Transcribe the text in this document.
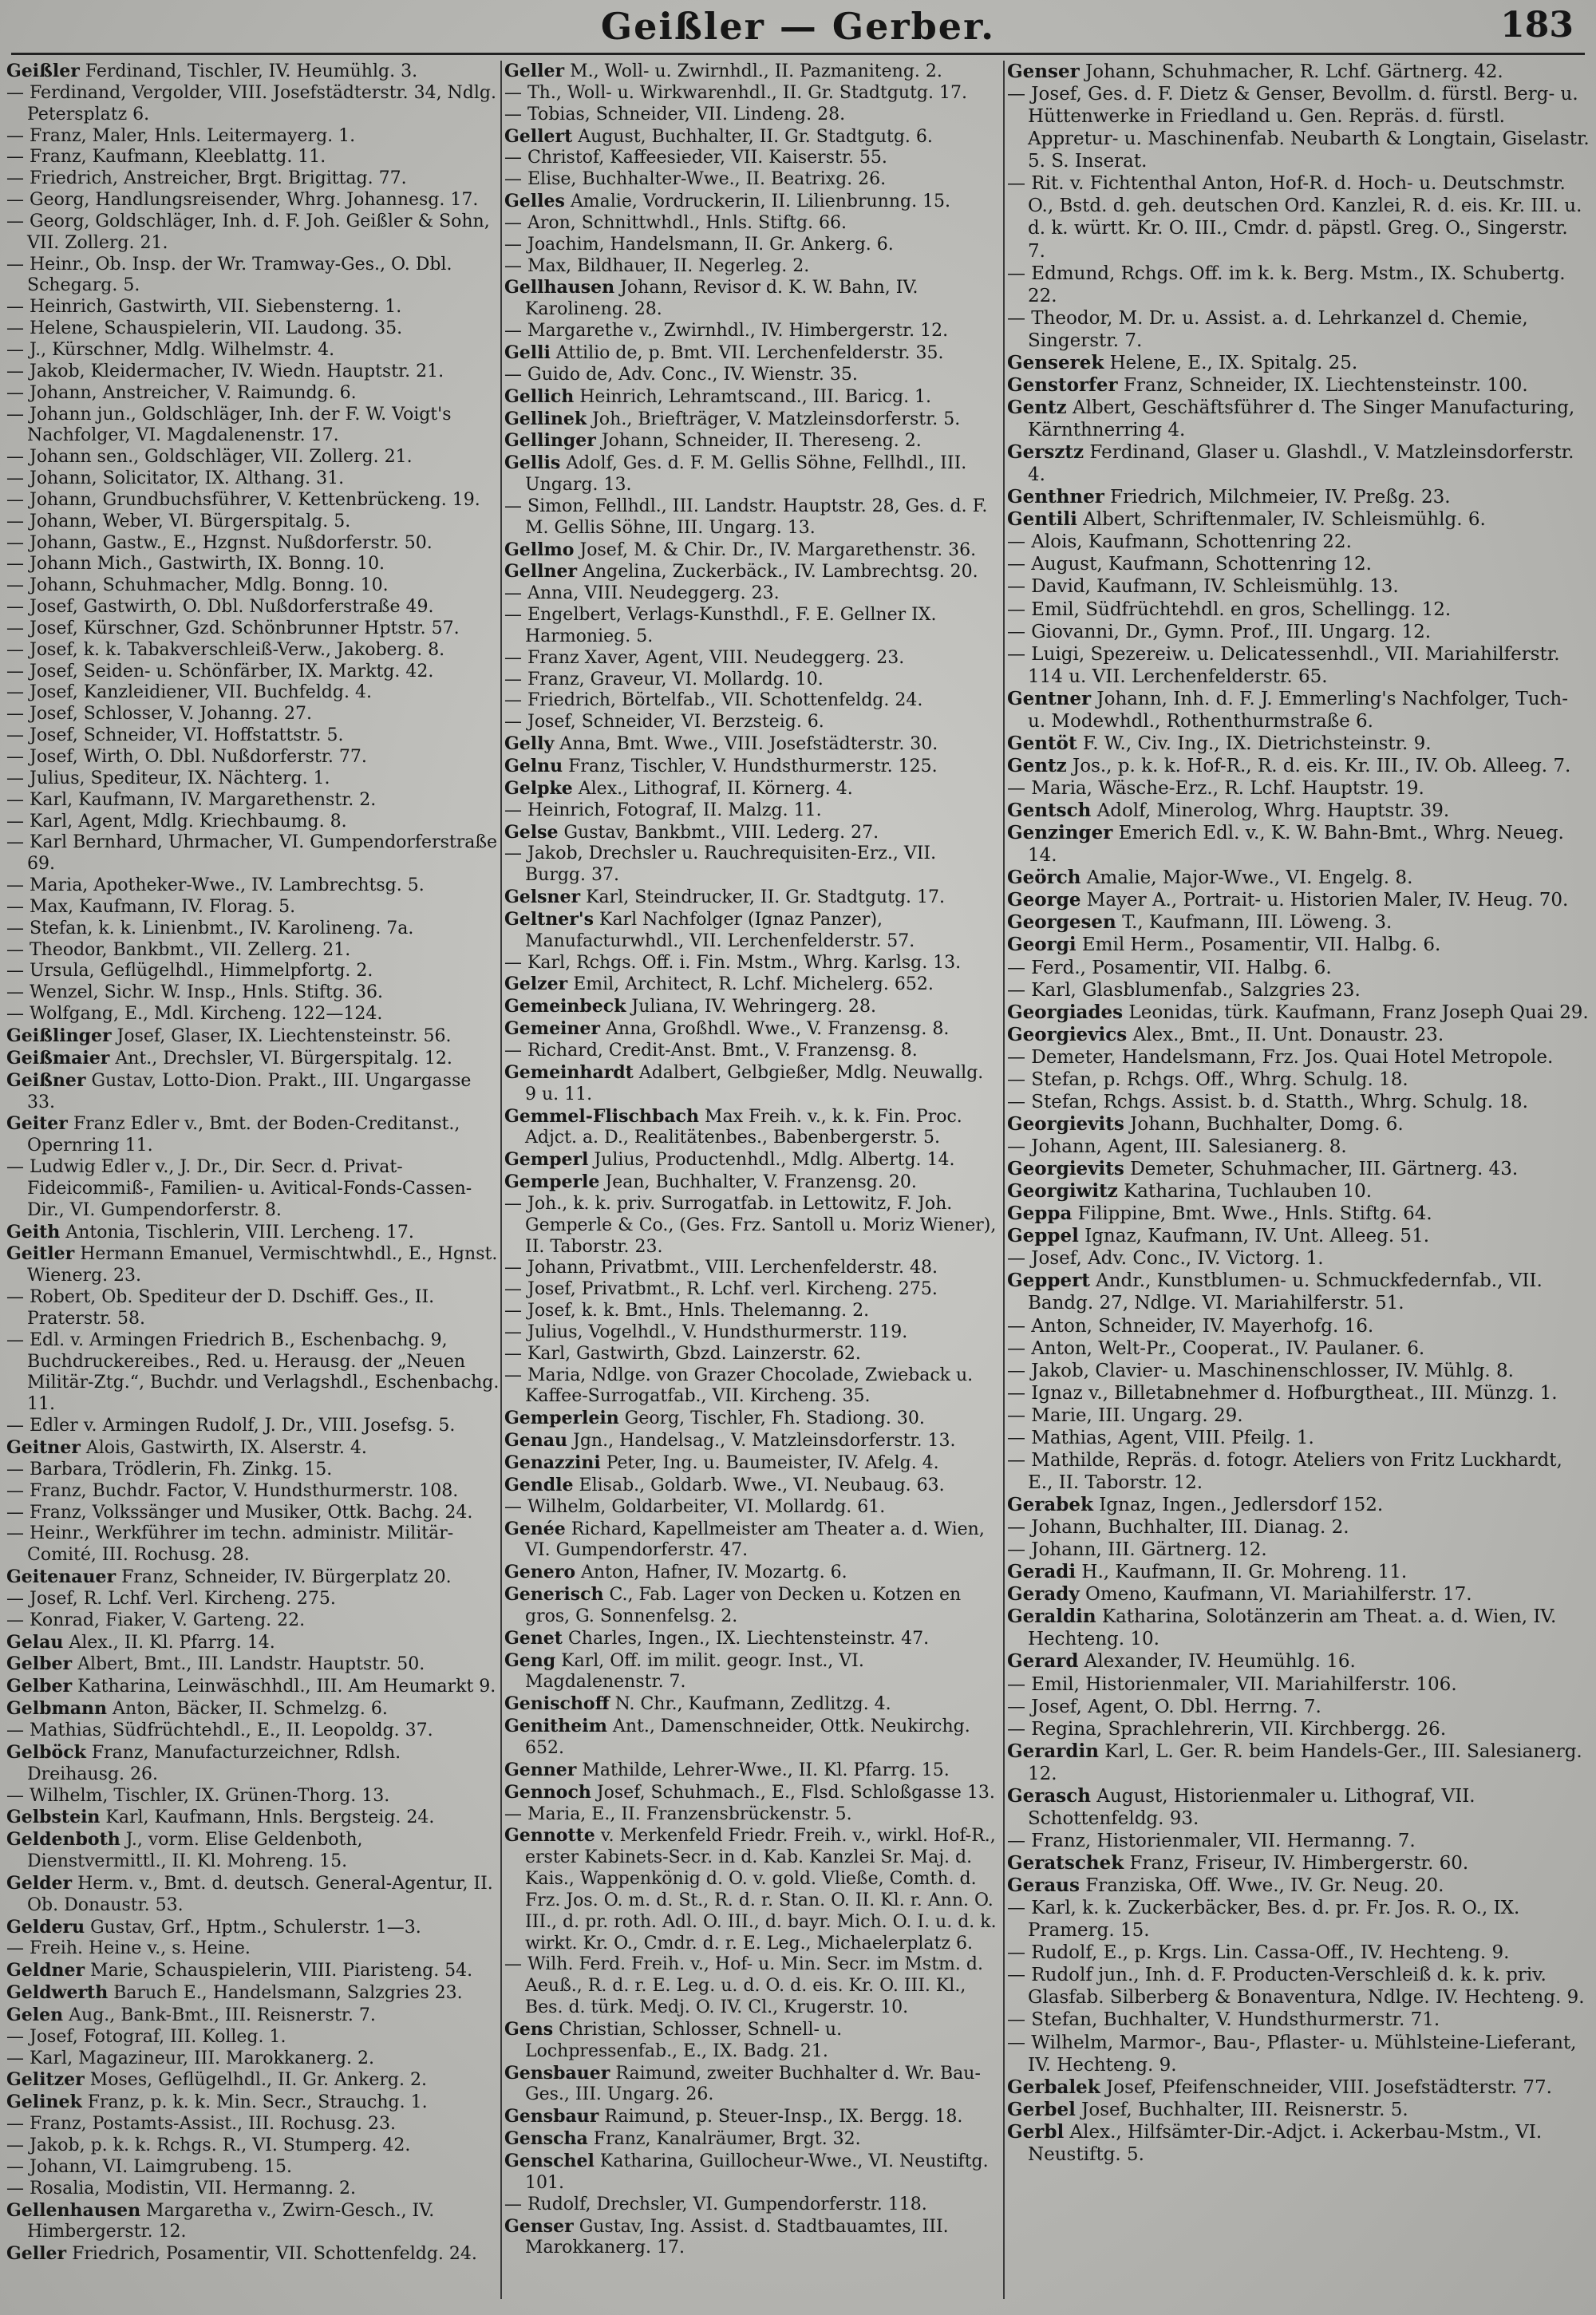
Geißler — Gerber.	183
Geißler Ferdinand, Tischler, IV. Heumühlg. 3.
— Ferdinand, Vergolder, VIII. Josefstädterstr. 34, Ndlg. Petersplatz 6.
— Franz, Maler, Hnls. Leitermayerg. 1.
— Franz, Kaufmann, Kleeblattg. 11.
— Friedrich, Anstreicher, Brgt. Brigittag. 77.
— Georg, Handlungsreisender, Whrg. Johannesg. 17.
— Georg, Goldschläger, Inh. d. F. Joh. Geißler & Sohn, VII. Zollerg. 21.
— Heinr., Ob. Insp. der Wr. Tramway-Ges., O. Dbl. Schegarg. 5.
— Heinrich, Gastwirth, VII. Siebensterng. 1.
— Helene, Schauspielerin, VII. Laudong. 35.
— J., Kürschner, Mdlg. Wilhelmstr. 4.
— Jakob, Kleidermacher, IV. Wiedn. Hauptstr. 21.
— Johann, Anstreicher, V. Raimundg. 6.
— Johann jun., Goldschläger, Inh. der F. W. Voigt's Nachfolger, VI. Magdalenenstr. 17.
— Johann sen., Goldschläger, VII. Zollerg. 21.
— Johann, Solicitator, IX. Althang. 31.
— Johann, Grundbuchsführer, V. Kettenbrückeng. 19.
— Johann, Weber, VI. Bürgerspitalg. 5.
— Johann, Gastw., E., Hzgnst. Nußdorferstr. 50.
— Johann Mich., Gastwirth, IX. Bonng. 10.
— Johann, Schuhmacher, Mdlg. Bonng. 10.
— Josef, Gastwirth, O. Dbl. Nußdorferstraße 49.
— Josef, Kürschner, Gzd. Schönbrunner Hptstr. 57.
— Josef, k. k. Tabakverschleiß-Verw., Jakoberg. 8.
— Josef, Seiden- u. Schönfärber, IX. Marktg. 42.
— Josef, Kanzleidiener, VII. Buchfeldg. 4.
— Josef, Schlosser, V. Johanng. 27.
— Josef, Schneider, VI. Hoffstattstr. 5.
— Josef, Wirth, O. Dbl. Nußdorferstr. 77.
— Julius, Spediteur, IX. Nächterg. 1.
— Karl, Kaufmann, IV. Margarethenstr. 2.
— Karl, Agent, Mdlg. Kriechbaumg. 8.
— Karl Bernhard, Uhrmacher, VI. Gumpendorferstraße 69.
— Maria, Apotheker-Wwe., IV. Lambrechtsg. 5.
— Max, Kaufmann, IV. Florag. 5.
— Stefan, k. k. Linienbmt., IV. Karolineng. 7a.
— Theodor, Bankbmt., VII. Zellerg. 21.
— Ursula, Geflügelhdl., Himmelpfortg. 2.
— Wenzel, Sichr. W. Insp., Hnls. Stiftg. 36.
— Wolfgang, E., Mdl. Kircheng. 122—124.
Geißlinger Josef, Glaser, IX. Liechtensteinstr. 56.
Geißmaier Ant., Drechsler, VI. Bürgerspitalg. 12.
Geißner Gustav, Lotto-Dion. Prakt., III. Ungargasse 33.
Geiter Franz Edler v., Bmt. der Boden-Creditanst., Opernring 11.
— Ludwig Edler v., J. Dr., Dir. Secr. d. Privat-Fideicommiß-, Familien- u. Avitical-Fonds-Cassen-Dir., VI. Gumpendorferstr. 8.
Geith Antonia, Tischlerin, VIII. Lercheng. 17.
Geitler Hermann Emanuel, Vermischtwhdl., E., Hgnst. Wienerg. 23.
— Robert, Ob. Spediteur der D. Dschiff. Ges., II. Praterstr. 58.
— Edl. v. Armingen Friedrich B., Eschenbachg. 9, Buchdruckereibes., Red. u. Herausg. der „Neuen Militär-Ztg.“, Buchdr. und Verlagshdl., Eschenbachg. 11.
— Edler v. Armingen Rudolf, J. Dr., VIII. Josefsg. 5.
Geitner Alois, Gastwirth, IX. Alserstr. 4.
— Barbara, Trödlerin, Fh. Zinkg. 15.
— Franz, Buchdr. Factor, V. Hundsthurmerstr. 108.
— Franz, Volkssänger und Musiker, Ottk. Bachg. 24.
— Heinr., Werkführer im techn. administr. Militär-Comité, III. Rochusg. 28.
Geitenauer Franz, Schneider, IV. Bürgerplatz 20.
— Josef, R. Lchf. Verl. Kircheng. 275.
— Konrad, Fiaker, V. Garteng. 22.
Gelau Alex., II. Kl. Pfarrg. 14.
Gelber Albert, Bmt., III. Landstr. Hauptstr. 50.
Gelber Katharina, Leinwäschhdl., III. Am Heumarkt 9.
Gelbmann Anton, Bäcker, II. Schmelzg. 6.
— Mathias, Südfrüchtehdl., E., II. Leopoldg. 37.
Gelböck Franz, Manufacturzeichner, Rdlsh. Dreihausg. 26.
— Wilhelm, Tischler, IX. Grünen-Thorg. 13.
Gelbstein Karl, Kaufmann, Hnls. Bergsteig. 24.
Geldenboth J., vorm. Elise Geldenboth, Dienstvermittl., II. Kl. Mohreng. 15.
Gelder Herm. v., Bmt. d. deutsch. General-Agentur, II. Ob. Donaustr. 53.
Gelderu Gustav, Grf., Hptm., Schulerstr. 1—3.
— Freih. Heine v., s. Heine.
Geldner Marie, Schauspielerin, VIII. Piaristeng. 54.
Geldwerth Baruch E., Handelsmann, Salzgries 23.
Gelen Aug., Bank-Bmt., III. Reisnerstr. 7.
— Josef, Fotograf, III. Kolleg. 1.
— Karl, Magazineur, III. Marokkanerg. 2.
Gelitzer Moses, Geflügelhdl., II. Gr. Ankerg. 2.
Gelinek Franz, p. k. k. Min. Secr., Strauchg. 1.
— Franz, Postamts-Assist., III. Rochusg. 23.
— Jakob, p. k. k. Rchgs. R., VI. Stumperg. 42.
— Johann, VI. Laimgrubeng. 15.
— Rosalia, Modistin, VII. Hermanng. 2.
Gellenhausen Margaretha v., Zwirn-Gesch., IV. Himbergerstr. 12.
Geller Friedrich, Posamentir, VII. Schottenfeldg. 24.
Geller M., Woll- u. Zwirnhdl., II. Pazmaniteng. 2.
— Th., Woll- u. Wirkwarenhdl., II. Gr. Stadtgutg. 17.
— Tobias, Schneider, VII. Lindeng. 28.
Gellert August, Buchhalter, II. Gr. Stadtgutg. 6.
— Christof, Kaffeesieder, VII. Kaiserstr. 55.
— Elise, Buchhalter-Wwe., II. Beatrixg. 26.
Gelles Amalie, Vordruckerin, II. Lilienbrunng. 15.
— Aron, Schnittwhdl., Hnls. Stiftg. 66.
— Joachim, Handelsmann, II. Gr. Ankerg. 6.
— Max, Bildhauer, II. Negerleg. 2.
Gellhausen Johann, Revisor d. K. W. Bahn, IV. Karolineng. 28.
— Margarethe v., Zwirnhdl., IV. Himbergerstr. 12.
Gelli Attilio de, p. Bmt. VII. Lerchenfelderstr. 35.
— Guido de, Adv. Conc., IV. Wienstr. 35.
Gellich Heinrich, Lehramtscand., III. Baricg. 1.
Gellinek Joh., Briefträger, V. Matzleinsdorferstr. 5.
Gellinger Johann, Schneider, II. Thereseng. 2.
Gellis Adolf, Ges. d. F. M. Gellis Söhne, Fellhdl., III. Ungarg. 13.
— Simon, Fellhdl., III. Landstr. Hauptstr. 28, Ges. d. F. M. Gellis Söhne, III. Ungarg. 13.
Gellmo Josef, M. & Chir. Dr., IV. Margarethenstr. 36.
Gellner Angelina, Zuckerbäck., IV. Lambrechtsg. 20.
— Anna, VIII. Neudeggerg. 23.
— Engelbert, Verlags-Kunsthdl., F. E. Gellner IX. Harmonieg. 5.
— Franz Xaver, Agent, VIII. Neudeggerg. 23.
— Franz, Graveur, VI. Mollardg. 10.
— Friedrich, Börtelfab., VII. Schottenfeldg. 24.
— Josef, Schneider, VI. Berzsteig. 6.
Gelly Anna, Bmt. Wwe., VIII. Josefstädterstr. 30.
Gelnu Franz, Tischler, V. Hundsthurmerstr. 125.
Gelpke Alex., Lithograf, II. Körnerg. 4.
— Heinrich, Fotograf, II. Malzg. 11.
Gelse Gustav, Bankbmt., VIII. Lederg. 27.
— Jakob, Drechsler u. Rauchrequisiten-Erz., VII. Burgg. 37.
Gelsner Karl, Steindrucker, II. Gr. Stadtgutg. 17.
Geltner's Karl Nachfolger (Ignaz Panzer), Manufacturwhdl., VII. Lerchenfelderstr. 57.
— Karl, Rchgs. Off. i. Fin. Mstm., Whrg. Karlsg. 13.
Gelzer Emil, Architect, R. Lchf. Michelerg. 652.
Gemeinbeck Juliana, IV. Wehringerg. 28.
Gemeiner Anna, Großhdl. Wwe., V. Franzensg. 8.
— Richard, Credit-Anst. Bmt., V. Franzensg. 8.
Gemeinhardt Adalbert, Gelbgießer, Mdlg. Neuwallg. 9 u. 11.
Gemmel-Flischbach Max Freih. v., k. k. Fin. Proc. Adjct. a. D., Realitätenbes., Babenbergerstr. 5.
Gemperl Julius, Productenhdl., Mdlg. Albertg. 14.
Gemperle Jean, Buchhalter, V. Franzensg. 20.
— Joh., k. k. priv. Surrogatfab. in Lettowitz, F. Joh. Gemperle & Co., (Ges. Frz. Santoll u. Moriz Wiener), II. Taborstr. 23.
— Johann, Privatbmt., VIII. Lerchenfelderstr. 48.
— Josef, Privatbmt., R. Lchf. verl. Kircheng. 275.
— Josef, k. k. Bmt., Hnls. Thelemanng. 2.
— Julius, Vogelhdl., V. Hundsthurmerstr. 119.
— Karl, Gastwirth, Gbzd. Lainzerstr. 62.
— Maria, Ndlge. von Grazer Chocolade, Zwieback u. Kaffee-Surrogatfab., VII. Kircheng. 35.
Gemperlein Georg, Tischler, Fh. Stadiong. 30.
Genau Jgn., Handelsag., V. Matzleinsdorferstr. 13.
Genazzini Peter, Ing. u. Baumeister, IV. Afelg. 4.
Gendle Elisab., Goldarb. Wwe., VI. Neubaug. 63.
— Wilhelm, Goldarbeiter, VI. Mollardg. 61.
Genée Richard, Kapellmeister am Theater a. d. Wien, VI. Gumpendorferstr. 47.
Genero Anton, Hafner, IV. Mozartg. 6.
Generisch C., Fab. Lager von Decken u. Kotzen en gros, G. Sonnenfelsg. 2.
Genet Charles, Ingen., IX. Liechtensteinstr. 47.
Geng Karl, Off. im milit. geogr. Inst., VI. Magdalenenstr. 7.
Genischoff N. Chr., Kaufmann, Zedlitzg. 4.
Genitheim Ant., Damenschneider, Ottk. Neukirchg. 652.
Genner Mathilde, Lehrer-Wwe., II. Kl. Pfarrg. 15.
Gennoch Josef, Schuhmach., E., Flsd. Schloßgasse 13.
— Maria, E., II. Franzensbrückenstr. 5.
Gennotte v. Merkenfeld Friedr. Freih. v., wirkl. Hof-R., erster Kabinets-Secr. in d. Kab. Kanzlei Sr. Maj. d. Kais., Wappenkönig d. O. v. gold. Vließe, Comth. d. Frz. Jos. O. m. d. St., R. d. r. Stan. O. II. Kl. r. Ann. O. III., d. pr. roth. Adl. O. III., d. bayr. Mich. O. I. u. d. k. wirkt. Kr. O., Cmdr. d. r. E. Leg., Michaelerplatz 6.
— Wilh. Ferd. Freih. v., Hof- u. Min. Secr. im Mstm. d. Aeuß., R. d. r. E. Leg. u. d. O. d. eis. Kr. O. III. Kl., Bes. d. türk. Medj. O. IV. Cl., Krugerstr. 10.
Gens Christian, Schlosser, Schnell- u. Lochpressenfab., E., IX. Badg. 21.
Gensbauer Raimund, zweiter Buchhalter d. Wr. Bau-Ges., III. Ungarg. 26.
Gensbaur Raimund, p. Steuer-Insp., IX. Bergg. 18.
Genscha Franz, Kanalräumer, Brgt. 32.
Genschel Katharina, Guillocheur-Wwe., VI. Neustiftg. 101.
— Rudolf, Drechsler, VI. Gumpendorferstr. 118.
Genser Gustav, Ing. Assist. d. Stadtbauamtes, III. Marokkanerg. 17.
Genser Johann, Schuhmacher, R. Lchf. Gärtnerg. 42.
— Josef, Ges. d. F. Dietz & Genser, Bevollm. d. fürstl. Berg- u. Hüttenwerke in Friedland u. Gen. Repräs. d. fürstl. Appretur- u. Maschinenfab. Neubarth & Longtain, Giselastr. 5. S. Inserat.
— Rit. v. Fichtenthal Anton, Hof-R. d. Hoch- u. Deutschmstr. O., Bstd. d. geh. deutschen Ord. Kanzlei, R. d. eis. Kr. III. u. d. k. württ. Kr. O. III., Cmdr. d. päpstl. Greg. O., Singerstr. 7.
— Edmund, Rchgs. Off. im k. k. Berg. Mstm., IX. Schubertg. 22.
— Theodor, M. Dr. u. Assist. a. d. Lehrkanzel d. Chemie, Singerstr. 7.
Genserek Helene, E., IX. Spitalg. 25.
Genstorfer Franz, Schneider, IX. Liechtensteinstr. 100.
Gentz Albert, Geschäftsführer d. The Singer Manufacturing, Kärnthnerring 4.
Gersztz Ferdinand, Glaser u. Glashdl., V. Matzleinsdorferstr. 4.
Genthner Friedrich, Milchmeier, IV. Preßg. 23.
Gentili Albert, Schriftenmaler, IV. Schleismühlg. 6.
— Alois, Kaufmann, Schottenring 22.
— August, Kaufmann, Schottenring 12.
— David, Kaufmann, IV. Schleismühlg. 13.
— Emil, Südfrüchtehdl. en gros, Schellingg. 12.
— Giovanni, Dr., Gymn. Prof., III. Ungarg. 12.
— Luigi, Spezereiw. u. Delicatessenhdl., VII. Mariahilferstr. 114 u. VII. Lerchenfelderstr. 65.
Gentner Johann, Inh. d. F. J. Emmerling's Nachfolger, Tuch- u. Modewhdl., Rothenthurmstraße 6.
Gentöt F. W., Civ. Ing., IX. Dietrichsteinstr. 9.
Gentz Jos., p. k. k. Hof-R., R. d. eis. Kr. III., IV. Ob. Alleeg. 7.
— Maria, Wäsche-Erz., R. Lchf. Hauptstr. 19.
Gentsch Adolf, Minerolog, Whrg. Hauptstr. 39.
Genzinger Emerich Edl. v., K. W. Bahn-Bmt., Whrg. Neueg. 14.
Geörch Amalie, Major-Wwe., VI. Engelg. 8.
George Mayer A., Portrait- u. Historien Maler, IV. Heug. 70.
Georgesen T., Kaufmann, III. Löweng. 3.
Georgi Emil Herm., Posamentir, VII. Halbg. 6.
— Ferd., Posamentir, VII. Halbg. 6.
— Karl, Glasblumenfab., Salzgries 23.
Georgiades Leonidas, türk. Kaufmann, Franz Joseph Quai 29.
Georgievics Alex., Bmt., II. Unt. Donaustr. 23.
— Demeter, Handelsmann, Frz. Jos. Quai Hotel Metropole.
— Stefan, p. Rchgs. Off., Whrg. Schulg. 18.
— Stefan, Rchgs. Assist. b. d. Statth., Whrg. Schulg. 18.
Georgievits Johann, Buchhalter, Domg. 6.
— Johann, Agent, III. Salesianerg. 8.
Georgievits Demeter, Schuhmacher, III. Gärtnerg. 43.
Georgiwitz Katharina, Tuchlauben 10.
Geppa Filippine, Bmt. Wwe., Hnls. Stiftg. 64.
Geppel Ignaz, Kaufmann, IV. Unt. Alleeg. 51.
— Josef, Adv. Conc., IV. Victorg. 1.
Geppert Andr., Kunstblumen- u. Schmuckfedernfab., VII. Bandg. 27, Ndlge. VI. Mariahilferstr. 51.
— Anton, Schneider, IV. Mayerhofg. 16.
— Anton, Welt-Pr., Cooperat., IV. Paulaner. 6.
— Jakob, Clavier- u. Maschinenschlosser, IV. Mühlg. 8.
— Ignaz v., Billetabnehmer d. Hofburgtheat., III. Münzg. 1.
— Marie, III. Ungarg. 29.
— Mathias, Agent, VIII. Pfeilg. 1.
— Mathilde, Repräs. d. fotogr. Ateliers von Fritz Luckhardt, E., II. Taborstr. 12.
Gerabek Ignaz, Ingen., Jedlersdorf 152.
— Johann, Buchhalter, III. Dianag. 2.
— Johann, III. Gärtnerg. 12.
Geradi H., Kaufmann, II. Gr. Mohreng. 11.
Gerady Omeno, Kaufmann, VI. Mariahilferstr. 17.
Geraldin Katharina, Solotänzerin am Theat. a. d. Wien, IV. Hechteng. 10.
Gerard Alexander, IV. Heumühlg. 16.
— Emil, Historienmaler, VII. Mariahilferstr. 106.
— Josef, Agent, O. Dbl. Herrng. 7.
— Regina, Sprachlehrerin, VII. Kirchbergg. 26.
Gerardin Karl, L. Ger. R. beim Handels-Ger., III. Salesianerg. 12.
Gerasch August, Historienmaler u. Lithograf, VII. Schottenfeldg. 93.
— Franz, Historienmaler, VII. Hermanng. 7.
Geratschek Franz, Friseur, IV. Himbergerstr. 60.
Geraus Franziska, Off. Wwe., IV. Gr. Neug. 20.
— Karl, k. k. Zuckerbäcker, Bes. d. pr. Fr. Jos. R. O., IX. Pramerg. 15.
— Rudolf, E., p. Krgs. Lin. Cassa-Off., IV. Hechteng. 9.
— Rudolf jun., Inh. d. F. Producten-Verschleiß d. k. k. priv. Glasfab. Silberberg & Bonaventura, Ndlge. IV. Hechteng. 9.
— Stefan, Buchhalter, V. Hundsthurmerstr. 71.
— Wilhelm, Marmor-, Bau-, Pflaster- u. Mühlsteine-Lieferant, IV. Hechteng. 9.
Gerbalek Josef, Pfeifenschneider, VIII. Josefstädterstr. 77.
Gerbel Josef, Buchhalter, III. Reisnerstr. 5.
Gerbl Alex., Hilfsämter-Dir.-Adjct. i. Ackerbau-Mstm., VI. Neustiftg. 5.
